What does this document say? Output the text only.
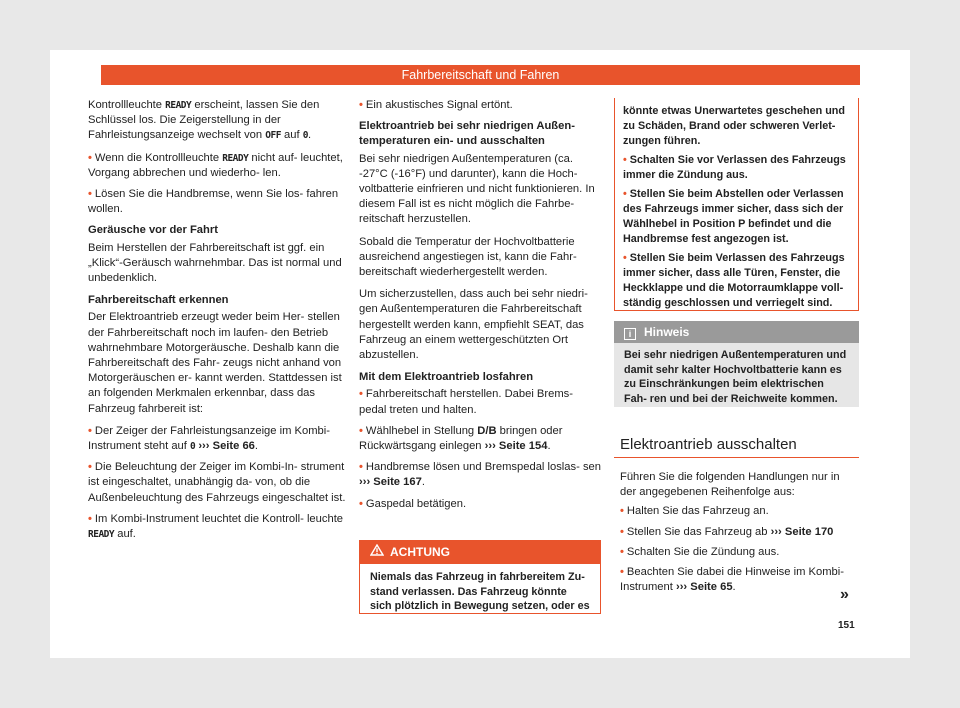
Fahrbereitschaft und Fahren

Kontrollleuchte READY erscheint, lassen Sie den Schlüssel los. Die Zeigerstellung in der Fahrleistungsanzeige wechselt von OFF auf 0.

• Wenn die Kontrollleuchte READY nicht auf- leuchtet, Vorgang abbrechen und wiederho- len.

• Lösen Sie die Handbremse, wenn Sie los- fahren wollen.

Geräusche vor der Fahrt

Beim Herstellen der Fahrbereitschaft ist ggf. ein „Klick“-Geräusch wahrnehmbar. Das ist normal und unbedenklich.

Fahrbereitschaft erkennen

Der Elektroantrieb erzeugt weder beim Her- stellen der Fahrbereitschaft noch im laufen- den Betrieb wahrnehmbare Motorgeräusche. Deshalb kann die Fahrbereitschaft des Fahr- zeugs nicht anhand von Motorgeräuschen er- kannt werden. Stattdessen ist an folgenden Merkmalen erkennbar, dass das Fahrzeug fahrbereit ist:

• Der Zeiger der Fahrleistungsanzeige im Kombi-Instrument steht auf 0 ››› Seite 66.

• Die Beleuchtung der Zeiger im Kombi-In- strument ist eingeschaltet, unabhängig da- von, ob die Außenbeleuchtung des Fahrzeugs eingeschaltet ist.

• Im Kombi-Instrument leuchtet die Kontroll- leuchte READY auf.

• Ein akustisches Signal ertönt.

Elektroantrieb bei sehr niedrigen Außen- temperaturen ein- und ausschalten

Bei sehr niedrigen Außentemperaturen (ca. -27°C (-16°F) und darunter), kann die Hoch- voltbatterie einfrieren und nicht funktionieren. In diesem Fall ist es nicht möglich die Fahrbe- reitschaft herzustellen.

Sobald die Temperatur der Hochvoltbatterie ausreichend angestiegen ist, kann die Fahr- bereitschaft wiederhergestellt werden.

Um sicherzustellen, dass auch bei sehr niedri- gen Außentemperaturen die Fahrbereitschaft hergestellt werden kann, empfiehlt SEAT, das Fahrzeug an einem wettergeschützten Ort abzustellen.

Mit dem Elektroantrieb losfahren

• Fahrbereitschaft herstellen. Dabei Brems- pedal treten und halten.

• Wählhebel in Stellung D/B bringen oder Rückwärtsgang einlegen ››› Seite 154.

• Handbremse lösen und Bremspedal loslas- sen ››› Seite 167.

• Gaspedal betätigen.

ACHTUNG
Niemals das Fahrzeug in fahrbereitem Zu- stand verlassen. Das Fahrzeug könnte sich plötzlich in Bewegung setzen, oder es

könnte etwas Unerwartetes geschehen und zu Schäden, Brand oder schweren Verlet- zungen führen.

• Schalten Sie vor Verlassen des Fahrzeugs immer die Zündung aus.

• Stellen Sie beim Abstellen oder Verlassen des Fahrzeugs immer sicher, dass sich der Wählhebel in Position P befindet und die Handbremse fest angezogen ist.

• Stellen Sie beim Verlassen des Fahrzeugs immer sicher, dass alle Türen, Fenster, die Heckklappe und die Motorraumklappe voll- ständig geschlossen und verriegelt sind.

i Hinweis
Bei sehr niedrigen Außentemperaturen und damit sehr kalter Hochvoltbatterie kann es zu Einschränkungen beim elektrischen Fah- ren und bei der Reichweite kommen.
Elektroantrieb ausschalten

Führen Sie die folgenden Handlungen nur in der angegebenen Reihenfolge aus:

• Halten Sie das Fahrzeug an.

• Stellen Sie das Fahrzeug ab ››› Seite 170

• Schalten Sie die Zündung aus.

• Beachten Sie dabei die Hinweise im Kombi- Instrument ››› Seite 65.	»
151
